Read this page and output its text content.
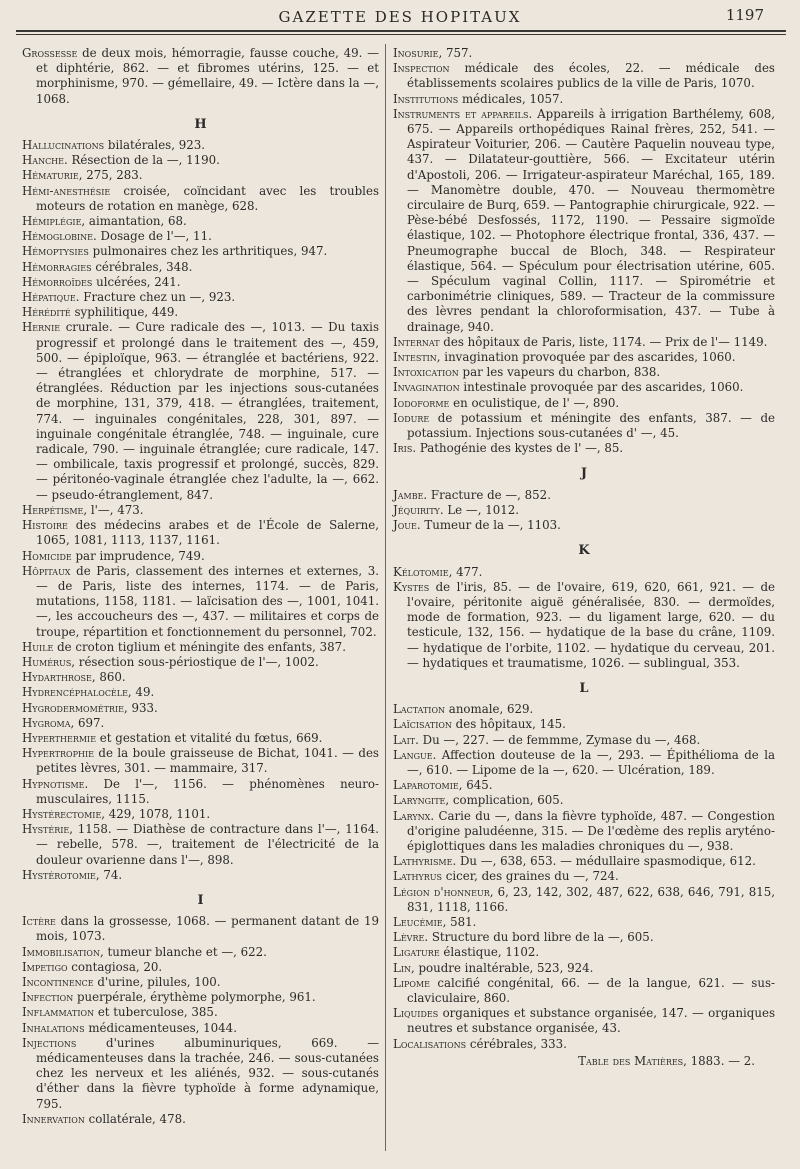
GAZETTE DES HOPITAUX	1197

Grossesse de deux mois, hémorragie, fausse couche, 49. — et diphtérie, 862. — et fibromes utérins, 125. — et morphinisme, 970. — gémellaire, 49. — Ictère dans la —, 1068.

H

Hallucinations bilatérales, 923.

Hanche. Résection de la —, 1190.

Hématurie, 275, 283.

Hémi-anesthésie croisée, coïncidant avec les troubles moteurs de rotation en manège, 628.

Hémiplégie, aimantation, 68.

Hémoglobine. Dosage de l'—, 11.

Hémoptysies pulmonaires chez les arthritiques, 947.

Hémorragies cérébrales, 348.

Hémorroïdes ulcérées, 241.

Hépatique. Fracture chez un —, 923.

Hérédité syphilitique, 449.

Hernie crurale. — Cure radicale des —, 1013. — Du taxis progressif et prolongé dans le traitement des —, 459, 500. — épiploïque, 963. — étranglée et bactériens, 922. — étranglées et chlorydrate de morphine, 517. — étranglées. Réduction par les injections sous-cutanées de morphine, 131, 379, 418. — étranglées, traitement, 774. — inguinales congénitales, 228, 301, 897. — inguinale congénitale étranglée, 748. — inguinale, cure radicale, 790. — inguinale étranglée; cure radicale, 147. — ombilicale, taxis progressif et prolongé, succès, 829. — péritonéo-vaginale étranglée chez l'adulte, la —, 662. — pseudo-étranglement, 847.

Herpétisme, l'—, 473.

Histoire des médecins arabes et de l'École de Salerne, 1065, 1081, 1113, 1137, 1161.

Homicide par imprudence, 749.

Hôpitaux de Paris, classement des internes et externes, 3. — de Paris, liste des internes, 1174. — de Paris, mutations, 1158, 1181. — laïcisation des —, 1001, 1041. —, les accoucheurs des —, 437. — militaires et corps de troupe, répartition et fonctionnement du personnel, 702.

Huile de croton tiglium et méningite des enfants, 387.

Humérus, résection sous-périostique de l'—, 1002.

Hydarthrose, 860.

Hydrencéphalocèle, 49.

Hygrodermométrie, 933.

Hygroma, 697.

Hyperthermie et gestation et vitalité du fœtus, 669.

Hypertrophie de la boule graisseuse de Bichat, 1041. — des petites lèvres, 301. — mammaire, 317.

Hypnotisme. De l'—, 1156. — phénomènes neuro-musculaires, 1115.

Hystérectomie, 429, 1078, 1101.

Hystérie, 1158. — Diathèse de contracture dans l'—, 1164. — rebelle, 578. —, traitement de l'électricité de la douleur ovarienne dans l'—, 898.

Hystérotomie, 74.

I

Ictère dans la grossesse, 1068. — permanent datant de 19 mois, 1073.

Immobilisation, tumeur blanche et —, 622.

Impetigo contagiosa, 20.

Incontinence d'urine, pilules, 100.

Infection puerpérale, érythème polymorphe, 961.

Inflammation et tuberculose, 385.

Inhalations médicamenteuses, 1044.

Injections d'urines albuminuriques, 669. — médicamenteuses dans la trachée, 246. — sous-cutanées chez les nerveux et les aliénés, 932. — sous-cutanés d'éther dans la fièvre typhoïde à forme adynamique, 795.

Innervation collatérale, 478.

Inosurie, 757.

Inspection médicale des écoles, 22. — médicale des établissements scolaires publics de la ville de Paris, 1070.

Institutions médicales, 1057.

Instruments et appareils. Appareils à irrigation Barthélemy, 608, 675. — Appareils orthopédiques Rainal frères, 252, 541. — Aspirateur Voiturier, 206. — Cautère Paquelin nouveau type, 437. — Dilatateur-gouttière, 566. — Excitateur utérin d'Apostoli, 206. — Irrigateur-aspirateur Maréchal, 165, 189. — Manomètre double, 470. — Nouveau thermomètre circulaire de Burq, 659. — Pantographie chirurgicale, 922. — Pèse-bébé Desfossés, 1172, 1190. — Pessaire sigmoïde élastique, 102. — Photophore électrique frontal, 336, 437. — Pneumographe buccal de Bloch, 348. — Respirateur élastique, 564. — Spéculum pour électrisation utérine, 605. — Spéculum vaginal Collin, 1117. — Spirométrie et carbonimétrie cliniques, 589. — Tracteur de la commissure des lèvres pendant la chloroformisation, 437. — Tube à drainage, 940.

Internat des hôpitaux de Paris, liste, 1174. — Prix de l'— 1149.

Intestin, invagination provoquée par des ascarides, 1060.

Intoxication par les vapeurs du charbon, 838.

Invagination intestinale provoquée par des ascarides, 1060.

Iodoforme en oculistique, de l' —, 890.

Iodure de potassium et méningite des enfants, 387. — de potassium. Injections sous-cutanées d' —, 45.

Iris. Pathogénie des kystes de l' —, 85.

J

Jambe. Fracture de —, 852.

Jéquirity. Le —, 1012.

Joue. Tumeur de la —, 1103.

K

Kélotomie, 477.

Kystes de l'iris, 85. — de l'ovaire, 619, 620, 661, 921. — de l'ovaire, péritonite aiguë généralisée, 830. — dermoïdes, mode de formation, 923. — du ligament large, 620. — du testicule, 132, 156. — hydatique de la base du crâne, 1109. — hydatique de l'orbite, 1102. — hydatique du cerveau, 201. — hydatiques et traumatisme, 1026. — sublingual, 353.

L

Lactation anomale, 629.

Laïcisation des hôpitaux, 145.

Lait. Du —, 227. — de femmme, Zymase du —, 468.

Langue. Affection douteuse de la —, 293. — Épithélioma de la —, 610. — Lipome de la —, 620. — Ulcération, 189.

Laparotomie, 645.

Laryngite, complication, 605.

Larynx. Carie du —, dans la fièvre typhoïde, 487. — Congestion d'origine paludéenne, 315. — De l'œdème des replis aryténo-épiglottiques dans les maladies chroniques du —, 938.

Lathyrisme. Du —, 638, 653. — médullaire spasmodique, 612.

Lathyrus cicer, des graines du —, 724.

Légion d'honneur, 6, 23, 142, 302, 487, 622, 638, 646, 791, 815, 831, 1118, 1166.

Leucémie, 581.

Lèvre. Structure du bord libre de la —, 605.

Ligature élastique, 1102.

Lin, poudre inaltérable, 523, 924.

Lipome calcifié congénital, 66. — de la langue, 621. — sus-claviculaire, 860.

Liquides organiques et substance organisée, 147. — organiques neutres et substance organisée, 43.

Localisations cérébrales, 333.

Table des Matières, 1883. — 2.
